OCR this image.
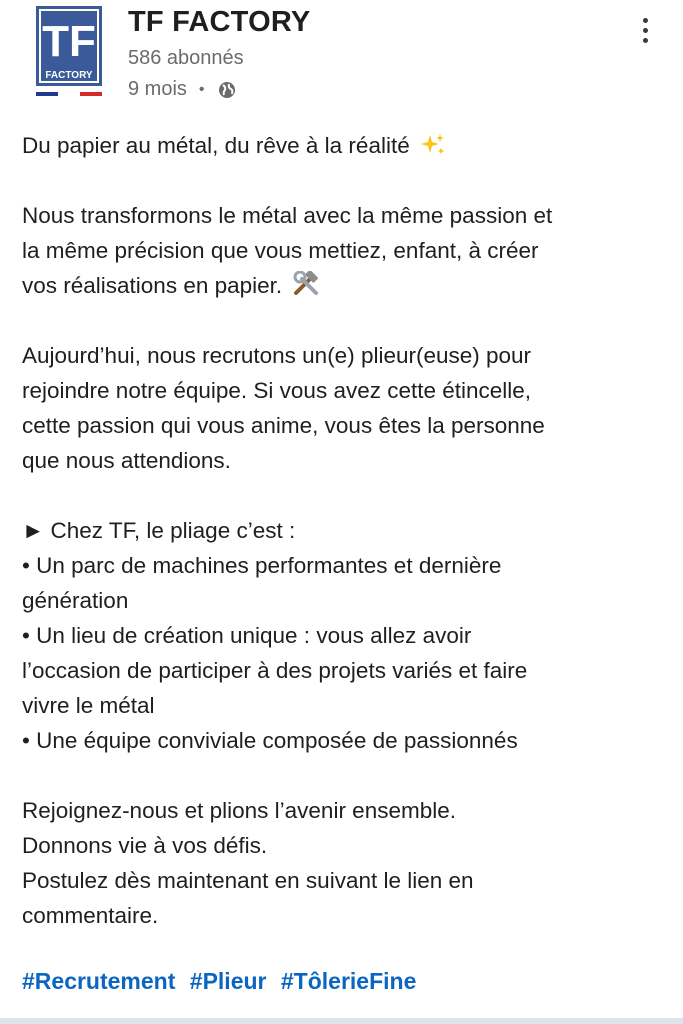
TF
FACTORY
TF FACTORY
586 abonnés
9 mois •

Du papier au métal, du rêve à la réalité

Nous transformons le métal avec la même passion et
la même précision que vous mettiez, enfant, à créer
vos réalisations en papier.

Aujourd’hui, nous recrutons un(e) plieur(euse) pour
rejoindre notre équipe. Si vous avez cette étincelle,
cette passion qui vous anime, vous êtes la personne
que nous attendions.

► Chez TF, le pliage c’est :
• Un parc de machines performantes et dernière
génération
• Un lieu de création unique : vous allez avoir
l’occasion de participer à des projets variés et faire
vivre le métal
• Une équipe conviviale composée de passionnés

Rejoignez-nous et plions l’avenir ensemble.
Donnons vie à vos défis.
Postulez dès maintenant en suivant le lien en
commentaire.

#Recrutement #Plieur #TôlerieFine
